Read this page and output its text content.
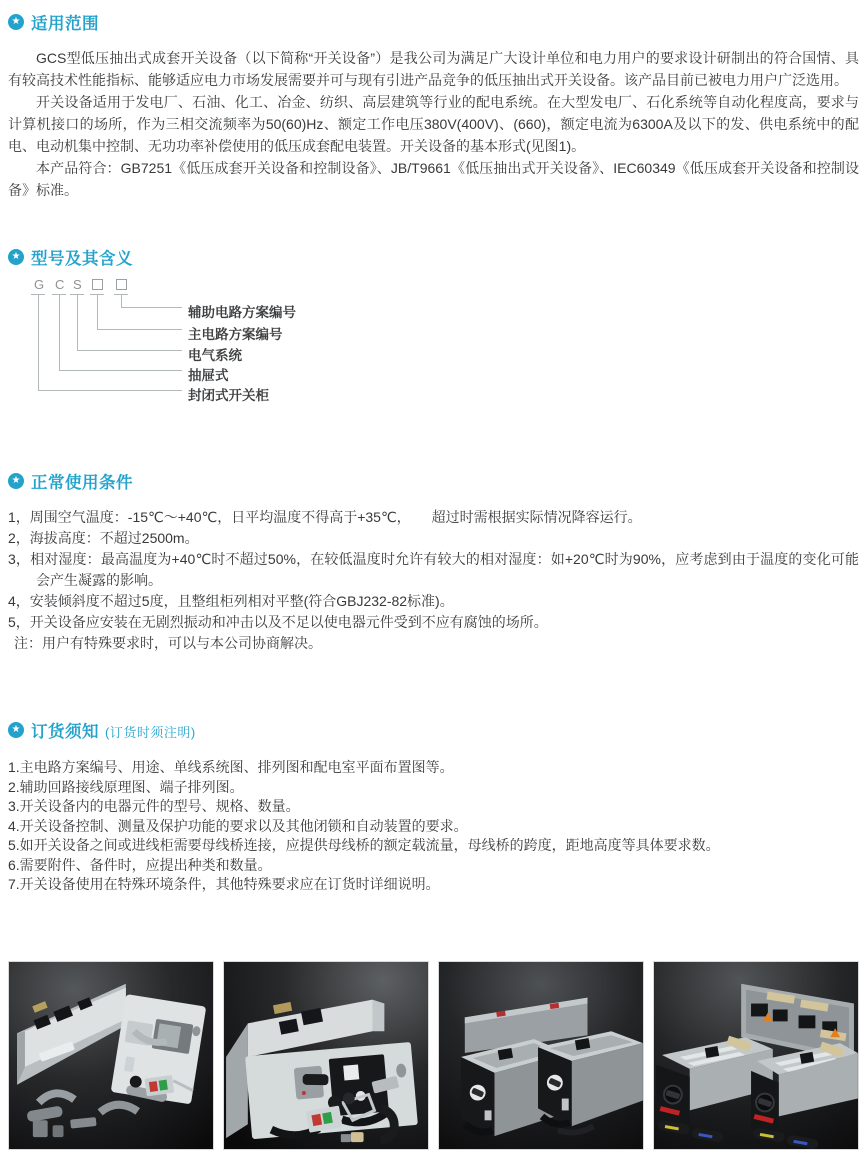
★ 适用范围

GCS型低压抽出式成套开关设备（以下简称“开关设备”）是我公司为满足广大设计单位和电力用户的要求设计研制出的符合国情、具有较高技术性能指标、能够适应电力市场发展需要并可与现有引进产品竞争的低压抽出式开关设备。该产品目前已被电力用户广泛选用。

开关设备适用于发电厂、石油、化工、冶金、纺织、高层建筑等行业的配电系统。在大型发电厂、石化系统等自动化程度高，要求与计算机接口的场所，作为三相交流频率为50(60)Hz、额定工作电压380V(400V)、(660)，额定电流为6300A及以下的发、供电系统中的配电、电动机集中控制、无功功率补偿使用的低压成套配电装置。开关设备的基本形式(见图1)。

本产品符合：GB7251《低压成套开关设备和控制设备》、JB/T9661《低压抽出式开关设备》、IEC60349《低压成套开关设备和控制设备》标准。

★ 型号及其含义
G C S
辅助电路方案编号
主电路方案编号
电气系统
抽屉式
封闭式开关柜
★ 正常使用条件
1，周围空气温度：-15℃～+40℃，日平均温度不得高于+35℃，　　超过时需根据实际情况降容运行。
2，海拔高度：不超过2500m。
3，相对湿度：最高温度为+40℃时不超过50%，在较低温度时允许有较大的相对湿度：如+20℃时为90%，应考虑到由于温度的变化可能会产生凝露的影响。
4，安装倾斜度不超过5度，且整组柜列相对平整(符合GBJ232-82标准)。
5，开关设备应安装在无剧烈振动和冲击以及不足以使电器元件受到不应有腐蚀的场所。
注：用户有特殊要求时，可以与本公司协商解决。
★ 订货须知 (订货时须注明)
1.主电路方案编号、用途、单线系统图、排列图和配电室平面布置图等。
2.辅助回路接线原理图、端子排列图。
3.开关设备内的电器元件的型号、规格、数量。
4.开关设备控制、测量及保护功能的要求以及其他闭锁和自动装置的要求。
5.如开关设备之间或进线柜需要母线桥连接，应提供母线桥的额定载流量，母线桥的跨度，距地高度等具体要求数。
6.需要附件、备件时，应提出种类和数量。
7.开关设备使用在特殊环境条件，其他特殊要求应在订货时详细说明。
